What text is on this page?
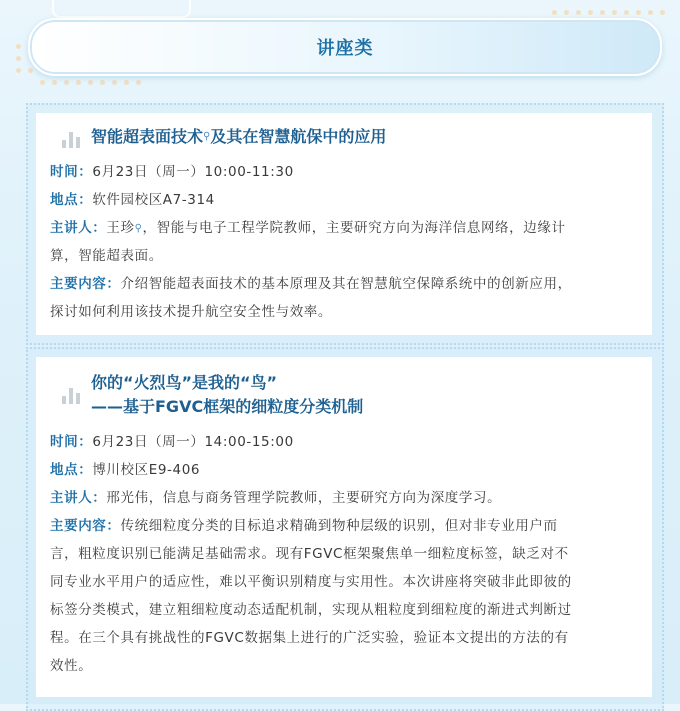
讲座类
智能超表面技术⚲及其在智慧航保中的应用
时间：6月23日（周一）10:00-11:30
地点：软件园校区A7-314
主讲人：王珍⚲，智能与电子工程学院教师，主要研究方向为海洋信息网络，边缘计
算，智能超表面。
主要内容：介绍智能超表面技术的基本原理及其在智慧航空保障系统中的创新应用，
探讨如何利用该技术提升航空安全性与效率。
你的“火烈鸟”是我的“鸟”
——基于FGVC框架的细粒度分类机制
时间：6月23日（周一）14:00-15:00
地点：博川校区E9-406
主讲人：邢光伟，信息与商务管理学院教师，主要研究方向为深度学习。
主要内容：传统细粒度分类的目标追求精确到物种层级的识别，但对非专业用户而
言，粗粒度识别已能满足基础需求。现有FGVC框架聚焦单一细粒度标签，缺乏对不
同专业水平用户的适应性，难以平衡识别精度与实用性。本次讲座将突破非此即彼的
标签分类模式，建立粗细粒度动态适配机制，实现从粗粒度到细粒度的渐进式判断过
程。在三个具有挑战性的FGVC数据集上进行的广泛实验，验证本文提出的方法的有
效性。
